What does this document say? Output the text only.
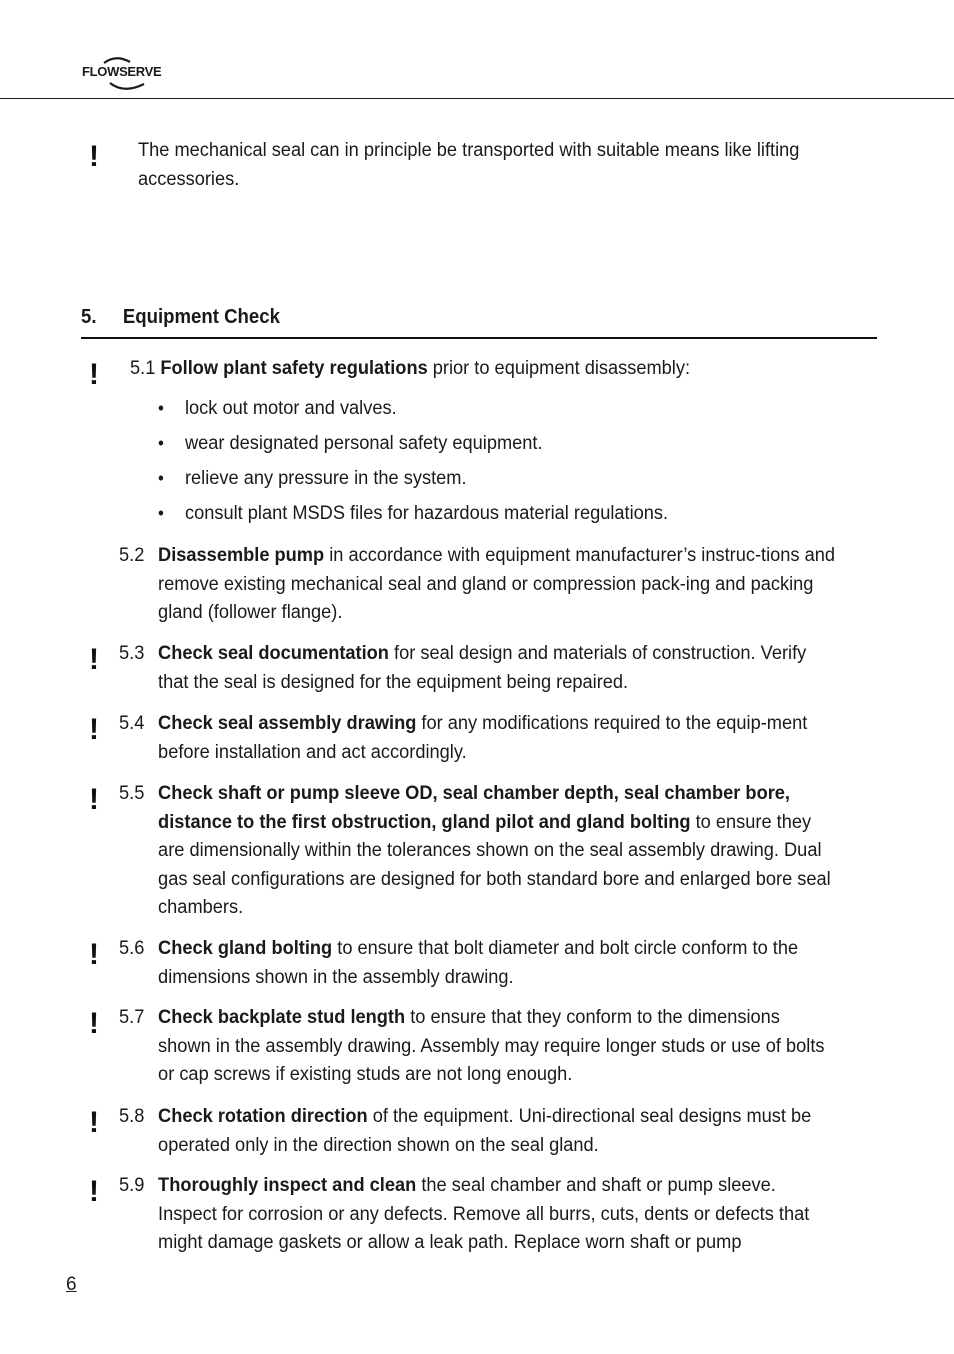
FLOWSERVE
! The mechanical seal can in principle be transported with suitable means like lifting accessories.
5. Equipment Check
! 5.1 Follow plant safety regulations prior to equipment disassembly:
• lock out motor and valves.
• wear designated personal safety equipment.
• relieve any pressure in the system.
• consult plant MSDS files for hazardous material regulations.
5.2 Disassemble pump in accordance with equipment manufacturer’s instruc-tions and remove existing mechanical seal and gland or compression pack-ing and packing gland (follower flange).
! 5.3 Check seal documentation for seal design and materials of construction. Verify that the seal is designed for the equipment being repaired.
! 5.4 Check seal assembly drawing for any modifications required to the equip-ment before installation and act accordingly.
! 5.5 Check shaft or pump sleeve OD, seal chamber depth, seal chamber bore, distance to the first obstruction, gland pilot and gland bolting to ensure they are dimensionally within the tolerances shown on the seal assembly drawing. Dual gas seal configurations are designed for both standard bore and enlarged bore seal chambers.
! 5.6 Check gland bolting to ensure that bolt diameter and bolt circle conform to the dimensions shown in the assembly drawing.
! 5.7 Check backplate stud length to ensure that they conform to the dimensions shown in the assembly drawing. Assembly may require longer studs or use of bolts or cap screws if existing studs are not long enough.
! 5.8 Check rotation direction of the equipment. Uni-directional seal designs must be operated only in the direction shown on the seal gland.
! 5.9 Thoroughly inspect and clean the seal chamber and shaft or pump sleeve. Inspect for corrosion or any defects. Remove all burrs, cuts, dents or defects that might damage gaskets or allow a leak path. Replace worn shaft or pump
6
